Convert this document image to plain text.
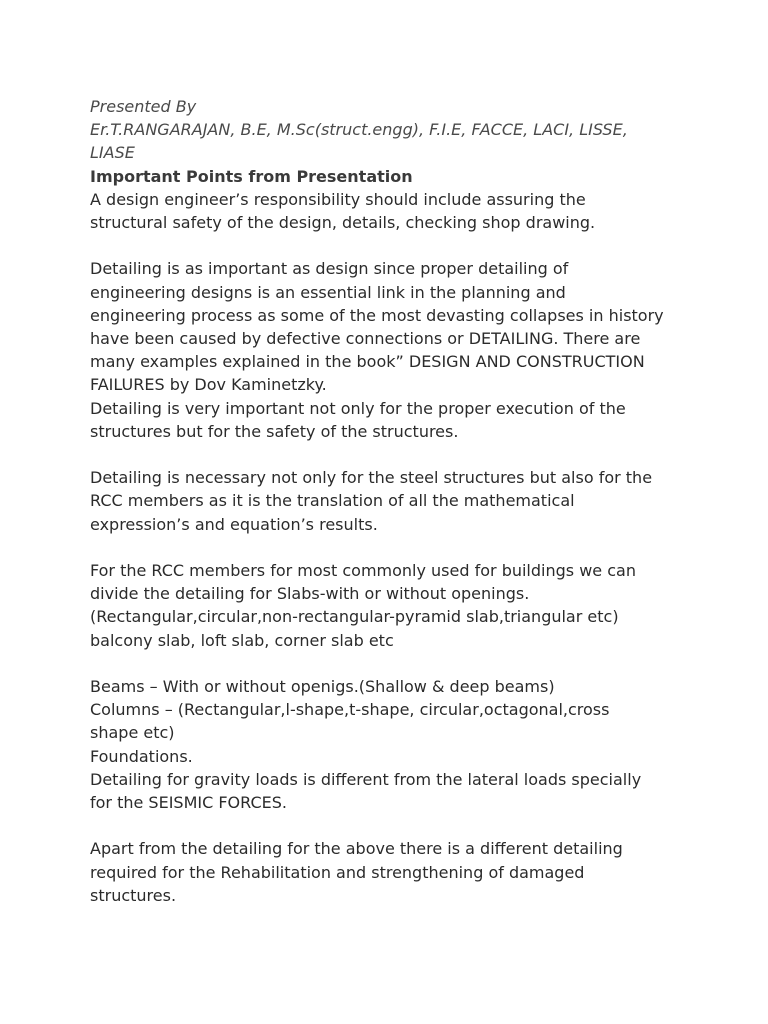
Presented By
Er.T.RANGARAJAN, B.E, M.Sc(struct.engg), F.I.E, FACCE, LACI, LISSE,
LIASE
Important Points from Presentation
A design engineer’s responsibility should include assuring the
structural safety of the design, details, checking shop drawing.
Detailing is as important as design since proper detailing of
engineering designs is an essential link in the planning and
engineering process as some of the most devasting collapses in history
have been caused by defective connections or DETAILING. There are
many examples explained in the book” DESIGN AND CONSTRUCTION
FAILURES by Dov Kaminetzky.
Detailing is very important not only for the proper execution of the
structures but for the safety of the structures.
Detailing is necessary not only for the steel structures but also for the
RCC members as it is the translation of all the mathematical
expression’s and equation’s results.
For the RCC members for most commonly used for buildings we can
divide the detailing for Slabs-with or without openings.
(Rectangular,circular,non-rectangular-pyramid slab,triangular etc)
balcony slab, loft slab, corner slab etc
Beams – With or without openigs.(Shallow & deep beams)
Columns – (Rectangular,l-shape,t-shape, circular,octagonal,cross
shape etc)
Foundations.
Detailing for gravity loads is different from the lateral loads specially
for the SEISMIC FORCES.
Apart from the detailing for the above there is a different detailing
required for the Rehabilitation and strengthening of damaged
structures.
